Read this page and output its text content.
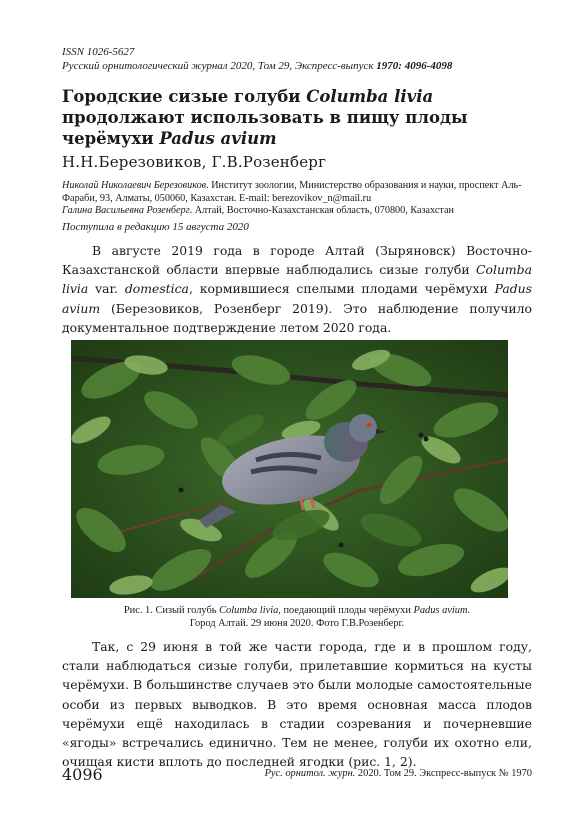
ISSN 1026-5627
Русский орнитологический журнал 2020, Том 29, Экспресс-выпуск 1970: 4096-4098
Городские сизые голуби Columba livia продолжают использовать в пищу плоды черёмухи Padus avium
Н.Н.Березовиков, Г.В.Розенберг
Николай Николаевич Березовиков. Институт зоологии, Министерство образования и науки, проспект Аль-Фараби, 93, Алматы, 050060, Казахстан. E-mail: berezovikov_n@mail.ru
Галина Васильевна Розенберг. Алтай, Восточно-Казахстанская область, 070800, Казахстан
Поступила в редакцию 15 августа 2020
В августе 2019 года в городе Алтай (Зыряновск) Восточно-Казахстанской области впервые наблюдались сизые голуби Columba livia var. domestica, кормившиеся спелыми плодами черёмухи Padus avium (Березовиков, Розенберг 2019). Это наблюдение получило документальное подтверждение летом 2020 года.
Рис. 1. Сизый голубь Columba livia, поедающий плоды черёмухи Padus avium.
Город Алтай. 29 июня 2020. Фото Г.В.Розенберг.
Так, с 29 июня в той же части города, где и в прошлом году, стали наблюдаться сизые голуби, прилетавшие кормиться на кусты черёмухи. В большинстве случаев это были молодые самостоятельные особи из первых выводков. В это время основная масса плодов черёмухи ещё находилась в стадии созревания и почерневшие «ягоды» встречались единично. Тем не менее, голуби их охотно ели, очищая кисти вплоть до последней ягодки (рис. 1, 2).
4096	Рус. орнитол. журн. 2020. Том 29. Экспресс-выпуск № 1970
